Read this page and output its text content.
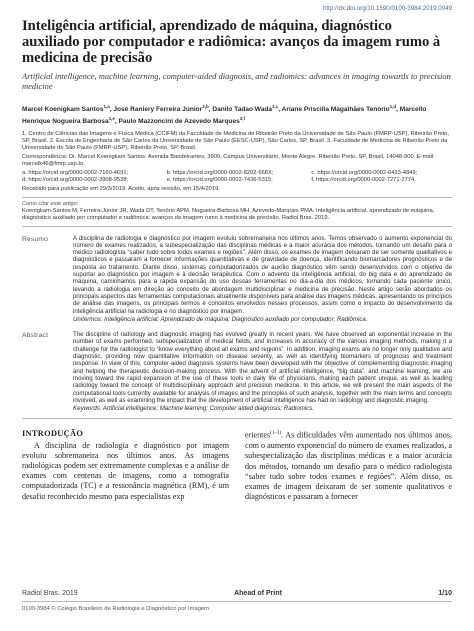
http://dx.doi.org/10.1590/0100-3984.2019.0049
Inteligência artificial, aprendizado de máquina, diagnóstico auxiliado por computador e radiômica: avanços da imagem rumo à medicina de precisão

Artificial intelligence, machine learning, computer-aided diagnosis, and radiomics: advances in imaging towards to precision medicine

Marcel Koenigkam Santos$^{1,a}$, José Raniery Ferreira Júnior$^{2,b}$, Danilo Tadao Wada$^{1,c}$, Ariane Priscilla Magalhães Tenório$^{1,d}$, Marcello Henrique Nogueira Barbosa$^{1,e}$, Paulo Mazzoncini de Azevedo Marques$^{3,f}$

1. Centro de Ciências das Imagens e Física Médica (CCIFM) da Faculdade de Medicina de Ribeirão Preto da Universidade de São Paulo (FMRP-USP), Ribeirão Preto, SP, Brasil. 2. Escola de Engenharia de São Carlos da Universidade de São Paulo (EESC-USP), São Carlos, SP, Brasil. 3. Faculdade de Medicina de Ribeirão Preto da Universidade de São Paulo (FMRP-USP), Ribeirão Preto, SP, Brasil.

Correspondência: Dr. Marcel Koenigkam Santos. Avenida Bandeirantes, 3900, Campus Universitário, Monte Alegre. Ribeirão Preto, SP, Brasil, 14048-900. E-mail: marcelk46@fmrp.usp.br.

a. https://orcid.org/0000-0002-7160-4691;	b. https://orcid.org/0000-0002-8202-568X;	c. https://orcid.org/0000-0002-6433-4849;
d. https://orcid.org/0000-0002-3908-9538;	e. https://orcid.org/0000-0002-7436-5315;	f. https://orcid.org/0000-0002-7271-2774.

Recebido para publicação em 29/3/2019. Aceito, após revisão, em 15/4/2019.

Como citar este artigo:

Koenigkam-Santos M, Ferreira-Júnior JR, Wada DT, Tenório APM, Nogueira-Barbosa MH, Azevedo-Marques PMA. Inteligência artificial, aprendizado de máquina, diagnóstico auxiliado por computador e radiômica: avanços da imagem rumo à medicina de precisão. Radiol Bras. 2019.

Resumo	A disciplina de radiologia e diagnóstico por imagem evoluiu sobremaneira nos últimos anos. Temos observado o aumento exponencial do número de exames realizados, a subespecialização das disciplinas médicas e a maior acurácia dos métodos, tornando um desafio para o médico radiologista “saber tudo sobre todos exames e regiões”. Além disso, os exames de imagem deixaram de ser somente qualitativos e diagnósticos e passaram a fornecer informações quantitativas e de gravidade de doença, identificando biomarcadores prognósticos e de resposta ao tratamento. Diante disso, sistemas computadorizados de auxílio diagnóstico vêm sendo desenvolvidos com o objetivo de suportar ao diagnóstico por imagem e à decisão terapêutica. Com o advento da inteligência artificial, do big data e do aprendizado de máquina, caminhamos para a rápida expansão do uso dessas ferramentas no dia-a-dia dos médicos, tornando cada paciente único, levando a radiologia em direção ao conceito de abordagem multidisciplinar e medicina de precisão. Neste artigo serão abordados os principais aspectos das ferramentas computacionais atualmente disponíveis para análise das imagens médicas, apresentando os princípios de análise das imagens, os principais termos e conceitos envolvidos nesses processos, assim como o impacto do desenvolvimento da inteligência artificial na radiologia e no diagnóstico por imagem.

Unitermos: Inteligência artificial; Aprendizado de máquina; Diagnóstico auxiliado por computador; Radiômica.

Abstract	The discipline of radiology and diagnostic imaging has evolved greatly in recent years. We have observed an exponential increase in the number of exams performed, subspecialization of medical fields, and increases in accuracy of the various imaging methods, making it a challenge for the radiologist to “know everything about all exams and regions”. In addition, imaging exams are no longer only qualitative and diagnostic, providing now quantitative information on disease severity, as well as identifying biomarkers of prognosis and treatment response. In view of this, computer-aided diagnosis systems have been developed with the objective of complementing diagnostic imaging and helping the therapeutic decision-making process. With the advent of artificial intelligence, “big data”, and machine learning, we are moving toward the rapid expansion of the use of these tools in daily life of physicians, making each patient unique, as well as leading radiology toward the concept of multidisciplinary approach and precision medicine. In this article, we will present the main aspects of the computational tools currently available for analysis of images and the principles of such analysis, together with the main terms and concepts involved, as well as examining the impact that the development of artificial intelligence has had on radiology and diagnostic imaging.

Keywords: Artificial intelligence; Machine learning; Computer aided diagnosis; Radiomics.

INTRODUÇÃO

A disciplina de radiologia e diagnóstico por imagem evoluiu sobremaneira nos últimos anos. As imagens radiológicas podem ser extremamente complexas e a análise de exames com centenas de imagens, como a tomografia computadorizada (TC) e a ressonância magnética (RM), é um desafio reconhecido mesmo para especialistas exp

erientes$^{(1-3)}$. As dificuldades vêm aumentado nos últimos anos, com o aumento exponencial do número de exames realizados, a subespecialização das disciplinas médicas e a maior acurácia dos métodos, tornando um desafio para o médico radiologista “saber tudo sobre todos exames e regiões”. Além disso, os exames de imagem deixaram de ser somente qualitativos e diagnósticos e passaram a fornecer

Radiol Bras. 2019	Ahead of Print	1/10
0100-3984 © Colégio Brasileiro de Radiologia e Diagnóstico por Imagem
